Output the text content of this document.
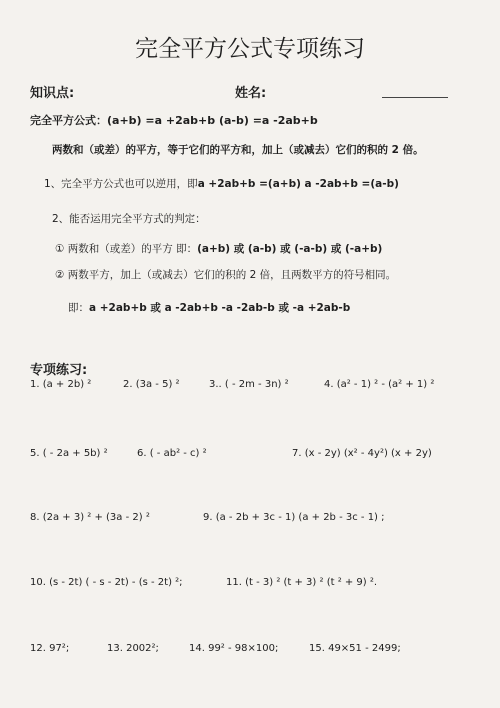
完全平方公式专项练习
知识点:	姓名:
完全平方公式：(a+b) =a +2ab+b (a-b) =a -2ab+b
两数和（或差）的平方，等于它们的平方和，加上（或减去）它们的积的 2 倍。
1、完全平方公式也可以逆用，即a +2ab+b =(a+b) a -2ab+b =(a-b)
2、能否运用完全平方式的判定：
① 两数和（或差）的平方 即：(a+b) 或 (a-b) 或 (-a-b) 或 (-a+b)
② 两数平方，加上（或减去）它们的积的 2 倍，且两数平方的符号相同。
即：a +2ab+b 或 a -2ab+b -a -2ab-b 或 -a +2ab-b
专项练习:
1. (a + 2b) ²	2. (3a - 5) ²	3.. ( - 2m - 3n) ²	4. (a² - 1) ² - (a² + 1) ²
5. ( - 2a + 5b) ²	6. ( - ab² - c) ²	7. (x - 2y) (x² - 4y²) (x + 2y)
8. (2a + 3) ² + (3a - 2) ²	9. (a - 2b + 3c - 1) (a + 2b - 3c - 1) ;
10. (s - 2t) ( - s - 2t) - (s - 2t) ²;	11. (t - 3) ² (t + 3) ² (t ² + 9) ².
12. 97²;	13. 2002²;	14. 99² - 98×100;	15. 49×51 - 2499;
